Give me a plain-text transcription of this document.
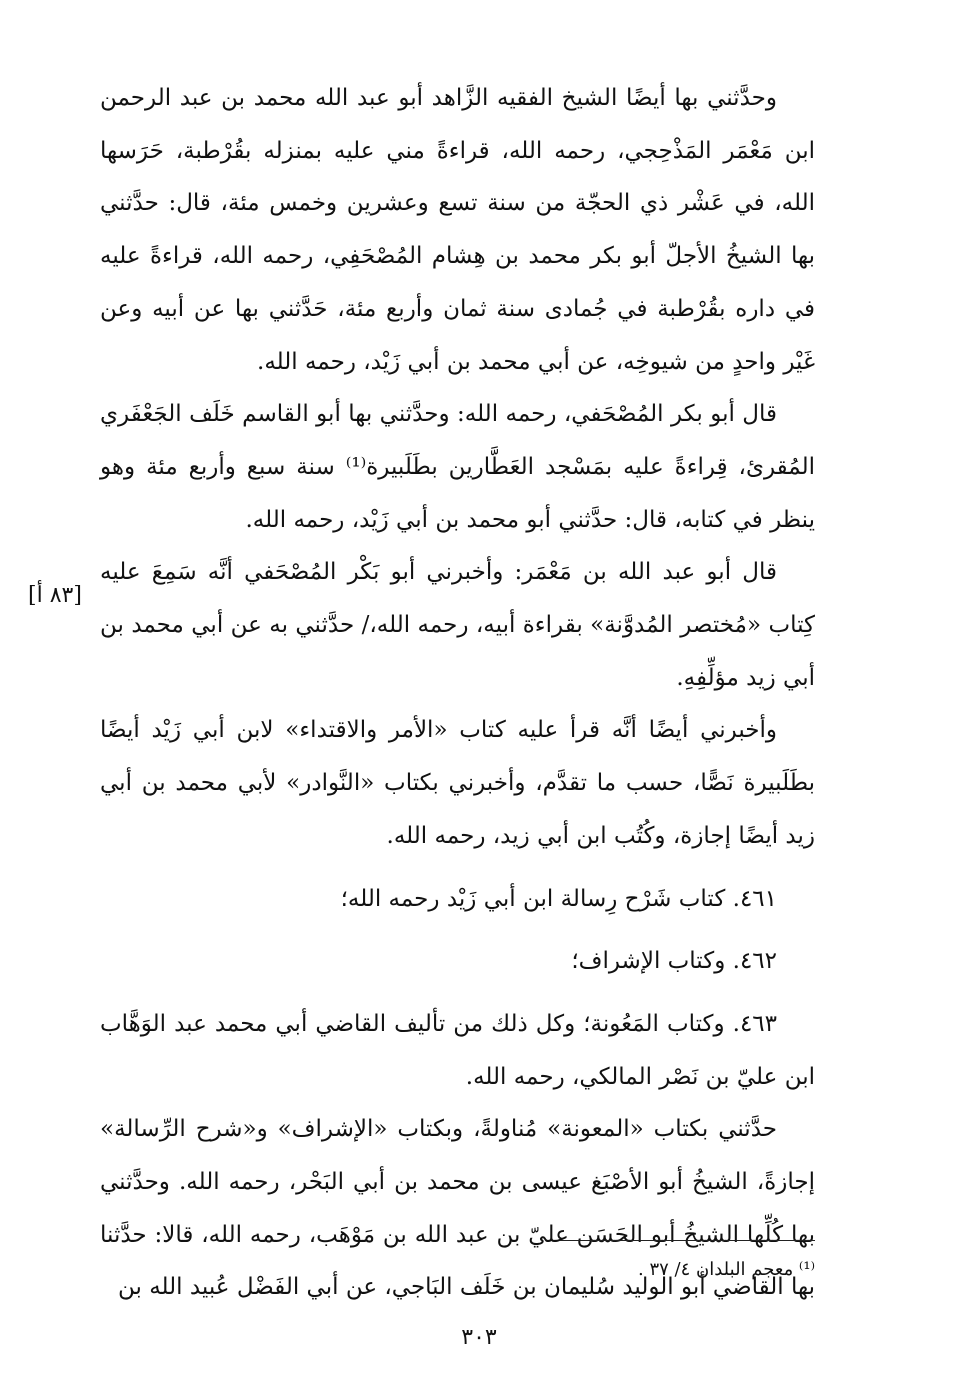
وحدَّثني بها أيضًا الشيخ الفقيه الزَّاهد أبو عبد الله محمد بن عبد الرحمن ابن مَعْمَر المَذْحِجي، رحمه الله، قراءةً مني عليه بمنزله بقُرْطبة، حَرَسها الله، في عَشْر ذي الحجّة من سنة تسع وعشرين وخمس مئة، قال: حدَّثني بها الشيخُ الأجلّ أبو بكر محمد بن هِشام المُصْحَفِي، رحمه الله، قراءةً عليه في داره بقُرْطبة في جُمادى سنة ثمان وأربع مئة، حَدَّثني بها عن أبيه وعن غَيْر واحدٍ من شيوخِه، عن أبي محمد بن أبي زَيْد، رحمه الله.

قال أبو بكر المُصْحَفي، رحمه الله: وحدَّثني بها أبو القاسم خَلَف الجَعْفَري المُقرئ، قِراءةً عليه بمَسْجد العَطَّارين بطَلَبيرة⁽¹⁾ سنة سبع وأربع مئة وهو ينظر في كتابه، قال: حدَّثني أبو محمد بن أبي زَيْد، رحمه الله.

قال أبو عبد الله بن مَعْمَر: وأخبرني أبو بَكْر المُصْحَفي أنَّه سَمِعَ عليه كِتاب «مُختصر المُدوَّنة» بقراءة أبيه، رحمه الله،/ حدَّثني به عن أبي محمد بن أبي زيد مؤلِّفِهِ.

وأخبرني أيضًا أنَّه قرأ عليه كتاب «الأمر والاقتداء» لابن أبي زَيْد أيضًا بطَلَبيرة نَصًّا، حسب ما تقدَّم، وأخبرني بكتاب «النَّوادر» لأبي محمد بن أبي زيد أيضًا إجازة، وكُتُب ابن أبي زيد، رحمه الله.

٤٦١. كتاب شَرْح رِسالة ابن أبي زَيْد رحمه الله؛

٤٦٢. وكتاب الإشراف؛

٤٦٣. وكتاب المَعُونة؛ وكل ذلك من تأليف القاضي أبي محمد عبد الوَهَّاب ابن عليّ بن نَصْر المالكي، رحمه الله.

حدَّثني بكتاب «المعونة» مُناولةً، وبكتاب «الإشراف» و«شرح الرِّسالة» إجازةً، الشيخُ أبو الأصْبَغ عيسى بن محمد بن أبي البَحْر، رحمه الله. وحدَّثني بها كُلِّها الشيخُ أبو الحَسَن عليّ بن عبد الله بن مَوْهَب، رحمه الله، قالا: حدَّثنا بها القاضي أبو الوليد سُليمان بن خَلَف البَاجي، عن أبي الفَضْل عُبيد الله بن

[٨٣ أ]
⁽¹⁾ معجم البلدان ٤/ ٣٧ .
٣٠٣
